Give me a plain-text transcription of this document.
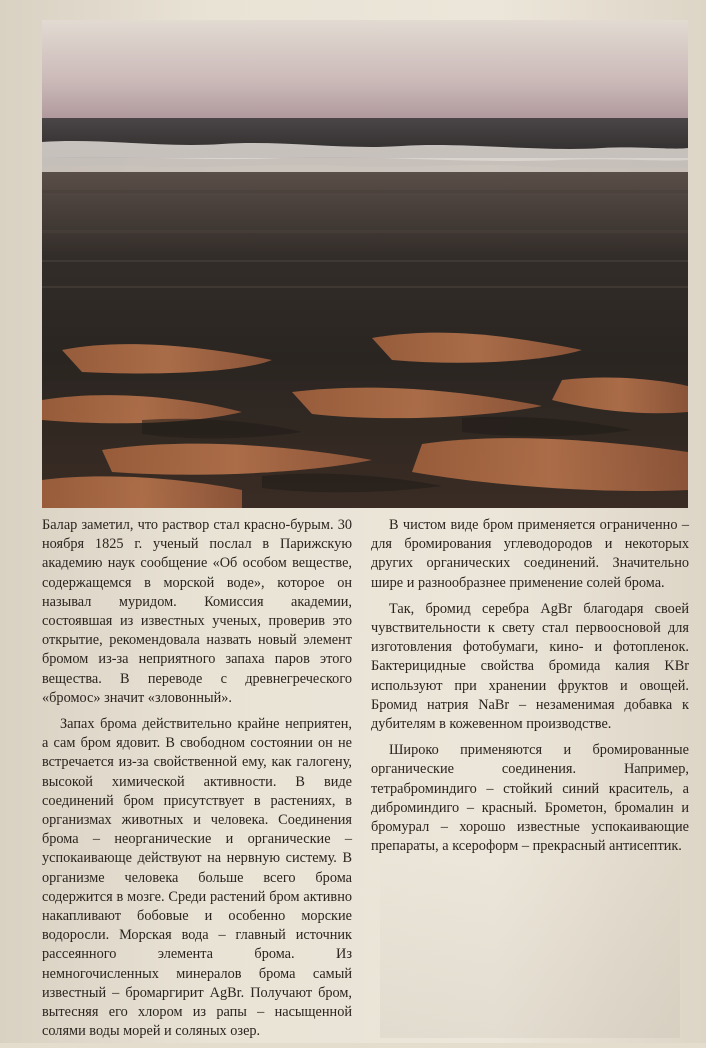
Балар заметил, что раствор стал красно-бурым. 30 ноября 1825 г. ученый послал в Парижскую академию наук сообщение «Об особом веществе, содержащемся в морской воде», которое он называл муридом. Комиссия академии, состоявшая из известных ученых, проверив это открытие, рекомендовала назвать новый элемент бромом из-за неприятного запаха паров этого вещества. В переводе с древнегреческого «бромос» значит «зловонный».

Запах брома действительно крайне неприятен, а сам бром ядовит. В свободном состоянии он не встречается из-за свойственной ему, как галогену, высокой химической активности. В виде соединений бром присутствует в растениях, в организмах животных и человека. Соединения брома – неорганические и органические – успокаивающе действуют на нервную систему. В организме человека больше всего брома содержится в мозге. Среди растений бром активно накапливают бобовые и особенно морские водоросли. Морская вода – главный источник рассеянного элемента брома. Из немногочисленных минералов брома самый известный – бромаргирит AgBr. Получают бром, вытесняя его хлором из рапы – насыщенной солями воды морей и соляных озер.

В чистом виде бром применяется ограниченно – для бромирования углеводородов и некоторых других органических соединений. Значительно шире и разнообразнее применение солей брома.

Так, бромид серебра AgBr благодаря своей чувствительности к свету стал первоосновой для изготовления фотобумаги, кино- и фотопленок. Бактерицидные свойства бромида калия KBr используют при хранении фруктов и овощей. Бромид натрия NaBr – незаменимая добавка к дубителям в кожевенном производстве.

Широко применяются и бромированные органические соединения. Например, тетраброминдиго – стойкий синий краситель, а диброминдиго – красный. Брометон, бромалин и бромурал – хорошо известные успокаивающие препараты, а ксероформ – прекрасный антисептик.
